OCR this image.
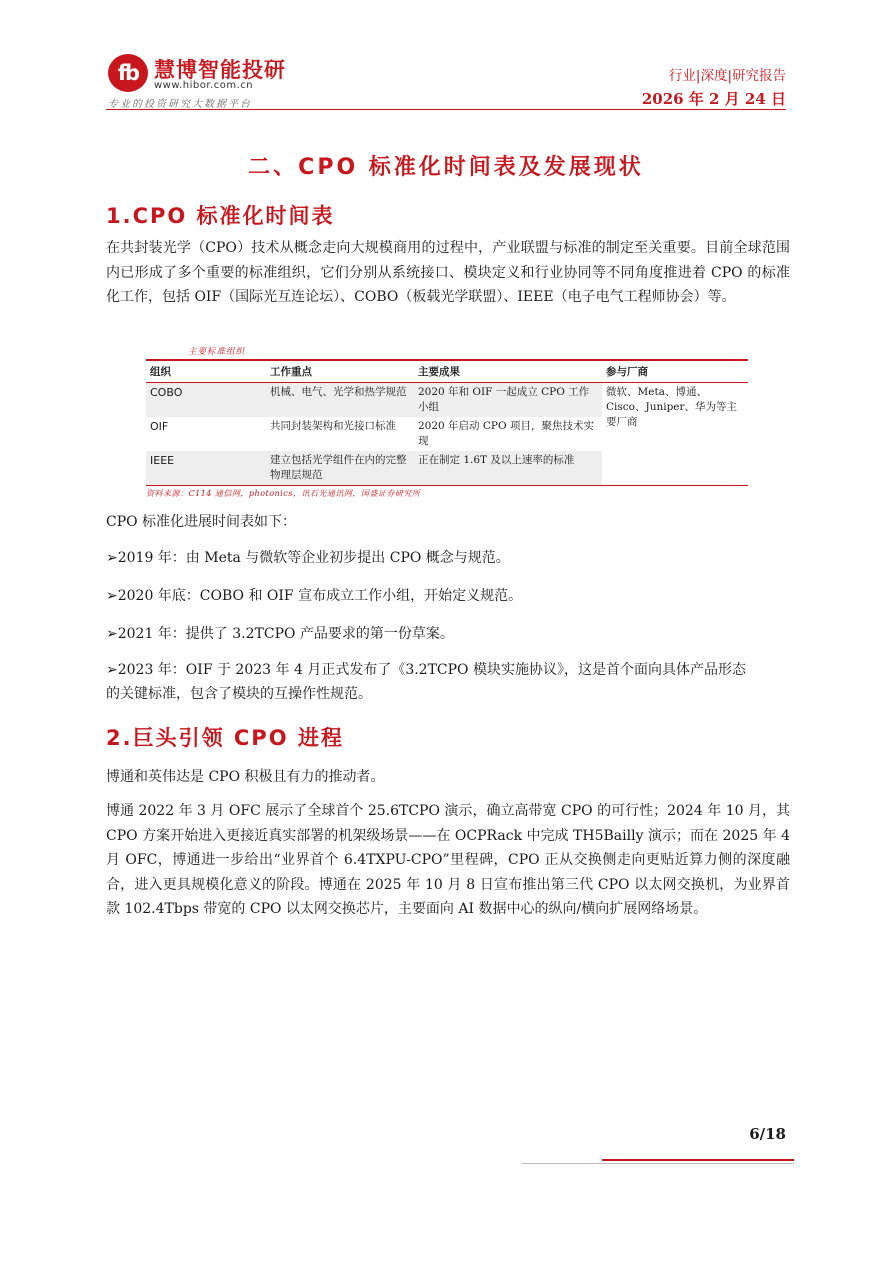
fb 慧博智能投研
www.hibor.com.cn
专业的投资研究大数据平台
行业|深度|研究报告
2026 年 2 月 24 日
二、CPO 标准化时间表及发展现状
1.CPO 标准化时间表
在共封装光学（CPO）技术从概念走向大规模商用的过程中，产业联盟与标准的制定至关重要。目前全球范围内已形成了多个重要的标准组织，它们分别从系统接口、模块定义和行业协同等不同角度推进着 CPO 的标准化工作，包括 OIF（国际光互连论坛）、COBO（板载光学联盟）、IEEE（电子电气工程师协会）等。
主要标准组织
组织	工作重点	主要成果	参与厂商
COBO	机械、电气、光学和热学规范	2020 年和 OIF 一起成立 CPO 工作小组	微软、Meta、博通、Cisco、Juniper、华为等主要厂商
OIF	共同封装架构和光接口标准	2020 年启动 CPO 项目，聚焦技术实现	
IEEE	建立包括光学组件在内的完整物理层规范	正在制定 1.6T 及以上速率的标准	
资料来源：C114 通信网，photonics，讯石光通讯网，国盛证券研究所
CPO 标准化进展时间表如下：
➢2019 年：由 Meta 与微软等企业初步提出 CPO 概念与规范。
➢2020 年底：COBO 和 OIF 宣布成立工作小组，开始定义规范。
➢2021 年：提供了 3.2TCPO 产品要求的第一份草案。
➢2023 年：OIF 于 2023 年 4 月正式发布了《3.2TCPO 模块实施协议》，这是首个面向具体产品形态
的关键标准，包含了模块的互操作性规范。
2.巨头引领 CPO 进程
博通和英伟达是 CPO 积极且有力的推动者。
博通 2022 年 3 月 OFC 展示了全球首个 25.6TCPO 演示，确立高带宽 CPO 的可行性；2024 年 10 月，其 CPO 方案开始进入更接近真实部署的机架级场景——在 OCPRack 中完成 TH5Bailly 演示；而在 2025 年 4 月 OFC，博通进一步给出“业界首个 6.4TXPU-CPO”里程碑，CPO 正从交换侧走向更贴近算力侧的深度融合，进入更具规模化意义的阶段。博通在 2025 年 10 月 8 日宣布推出第三代 CPO 以太网交换机，为业界首款 102.4Tbps 带宽的 CPO 以太网交换芯片，主要面向 AI 数据中心的纵向/横向扩展网络场景。
6/18
